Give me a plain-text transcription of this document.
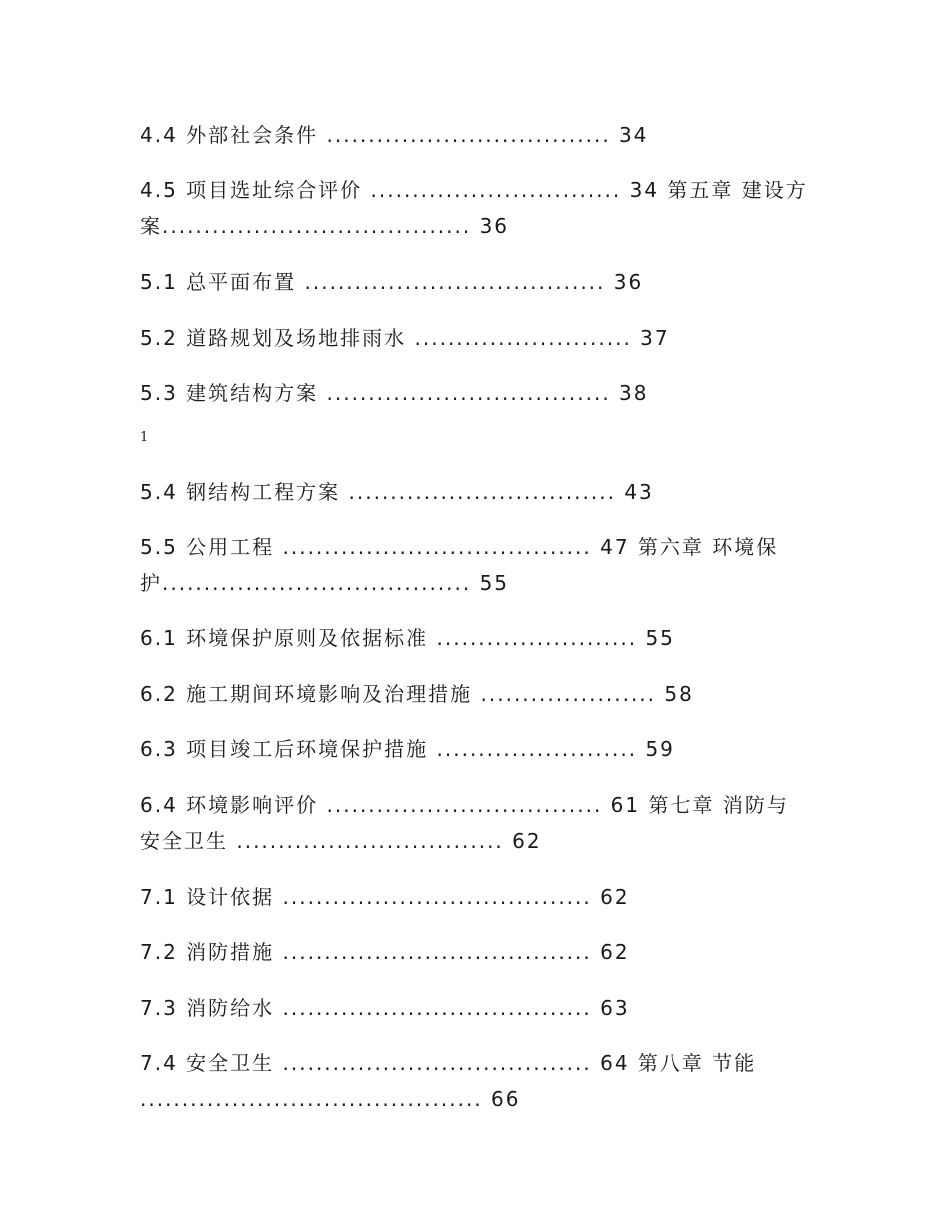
4.4 外部社会条件 .................................. 34
4.5 项目选址综合评价 .............................. 34 第五章 建设方案..................................... 36
5.1 总平面布置 .................................... 36
5.2 道路规划及场地排雨水 .......................... 37
5.3 建筑结构方案 .................................. 38
1
5.4 钢结构工程方案 ................................ 43
5.5 公用工程 ..................................... 47 第六章 环境保护..................................... 55
6.1 环境保护原则及依据标准 ........................ 55
6.2 施工期间环境影响及治理措施 ..................... 58
6.3 项目竣工后环境保护措施 ........................ 59
6.4 环境影响评价 ................................. 61 第七章 消防与安全卫生 ................................ 62
7.1 设计依据 ..................................... 62
7.2 消防措施 ..................................... 62
7.3 消防给水 ..................................... 63
7.4 安全卫生 ..................................... 64 第八章 节能 ......................................... 66
